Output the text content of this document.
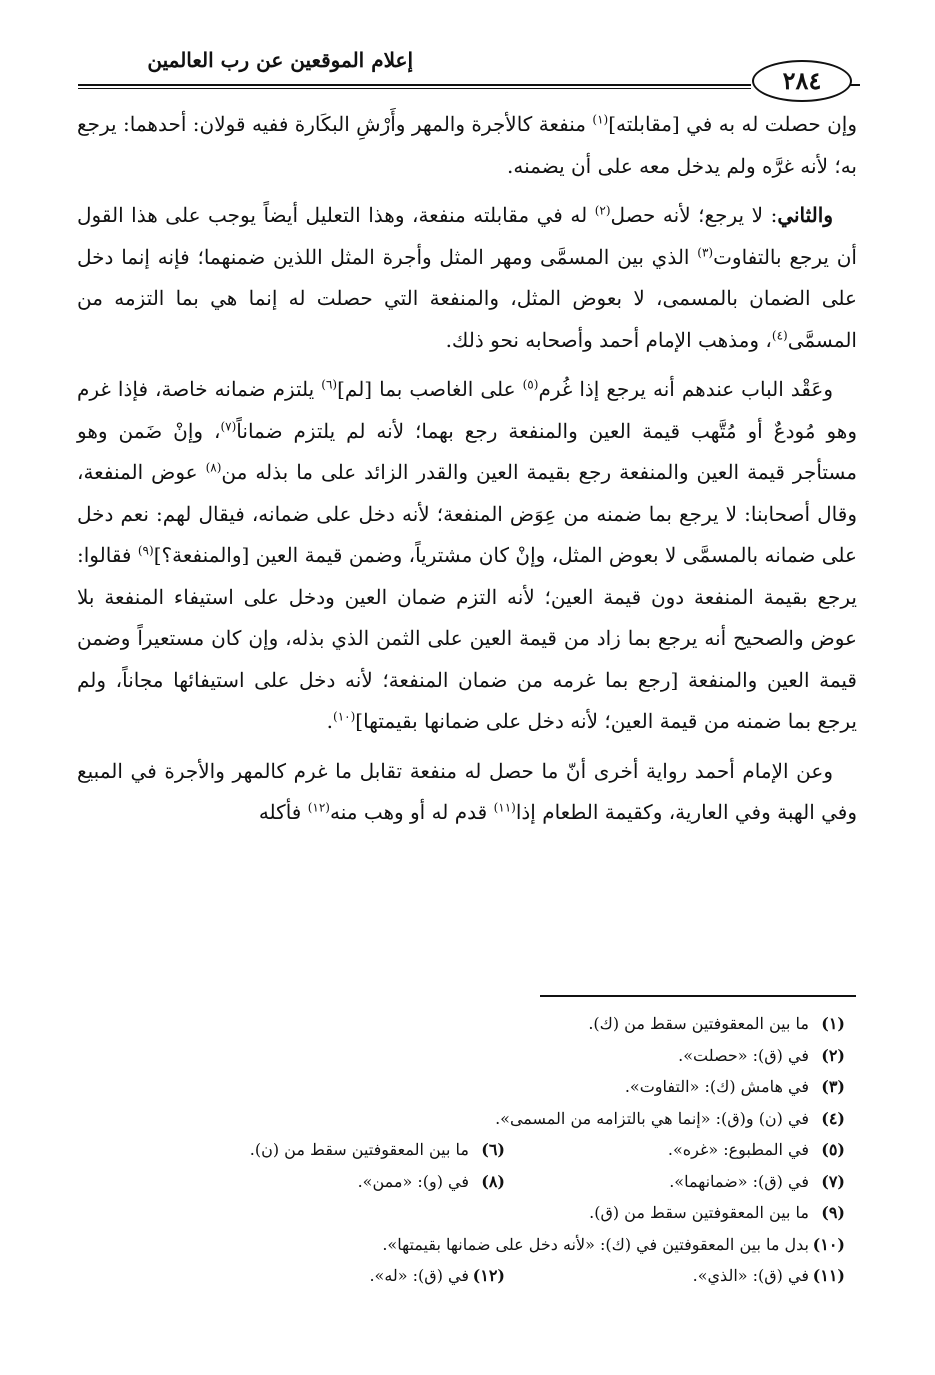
إعلام الموقعين عن رب العالمين
٢٨٤

وإن حصلت له به في [مقابلته]$^{(١)}$ منفعة كالأجرة والمهر وأَرْشِ البكَارة ففيه قولان: أحدهما: يرجع به؛ لأنه غرَّه ولم يدخل معه على أن يضمنه.

والثاني: لا يرجع؛ لأنه حصل$^{(٢)}$ له في مقابلته منفعة، وهذا التعليل أيضاً يوجب على هذا القول أن يرجع بالتفاوت$^{(٣)}$ الذي بين المسمَّى ومهر المثل وأجرة المثل اللذين ضمنهما؛ فإنه إنما دخل على الضمان بالمسمى، لا بعوض المثل، والمنفعة التي حصلت له إنما هي بما التزمه من المسمَّى$^{(٤)}$، ومذهب الإمام أحمد وأصحابه نحو ذلك.

وعَقْد الباب عندهم أنه يرجع إذا غُرم$^{(٥)}$ على الغاصب بما [لم]$^{(٦)}$ يلتزم ضمانه خاصة، فإذا غرم وهو مُودعٌ أو مُتَّهب قيمة العين والمنفعة رجع بهما؛ لأنه لم يلتزم ضماناً$^{(٧)}$، وإنْ ضَمن وهو مستأجر قيمة العين والمنفعة رجع بقيمة العين والقدر الزائد على ما بذله من$^{(٨)}$ عوض المنفعة، وقال أصحابنا: لا يرجع بما ضمنه من عِوَض المنفعة؛ لأنه دخل على ضمانه، فيقال لهم: نعم دخل على ضمانه بالمسمَّى لا بعوض المثل، وإنْ كان مشترياً، وضمن قيمة العين [والمنفعة؟]$^{(٩)}$ فقالوا: يرجع بقيمة المنفعة دون قيمة العين؛ لأنه التزم ضمان العين ودخل على استيفاء المنفعة بلا عوض والصحيح أنه يرجع بما زاد من قيمة العين على الثمن الذي بذله، وإن كان مستعيراً وضمن قيمة العين والمنفعة [رجع بما غرمه من ضمان المنفعة؛ لأنه دخل على استيفائها مجاناً، ولم يرجع بما ضمنه من قيمة العين؛ لأنه دخل على ضمانها بقيمتها]$^{(١٠)}$.

وعن الإمام أحمد رواية أخرى أنّ ما حصل له منفعة تقابل ما غرم كالمهر والأجرة في المبيع وفي الهبة وفي العارية، وكقيمة الطعام إذا$^{(١١)}$ قدم له أو وهب منه$^{(١٢)}$ فأكله

(١)ما بين المعقوفتين سقط من (ك).
(٢)في (ق): «حصلت».
(٣)في هامش (ك): «التفاوت».
(٤)في (ن) و(ق): «إنما هي بالتزامه من المسمى».
(٥)في المطبوع: «غره».
(٦)ما بين المعقوفتين سقط من (ن).
(٧)في (ق): «ضمانهما».
(٨)في (و): «ممن».
(٩)ما بين المعقوفتين سقط من (ق).
(١٠)بدل ما بين المعقوفتين في (ك): «لأنه دخل على ضمانها بقيمتها».
(١١)في (ق): «الذي».
(١٢)في (ق): «له».
